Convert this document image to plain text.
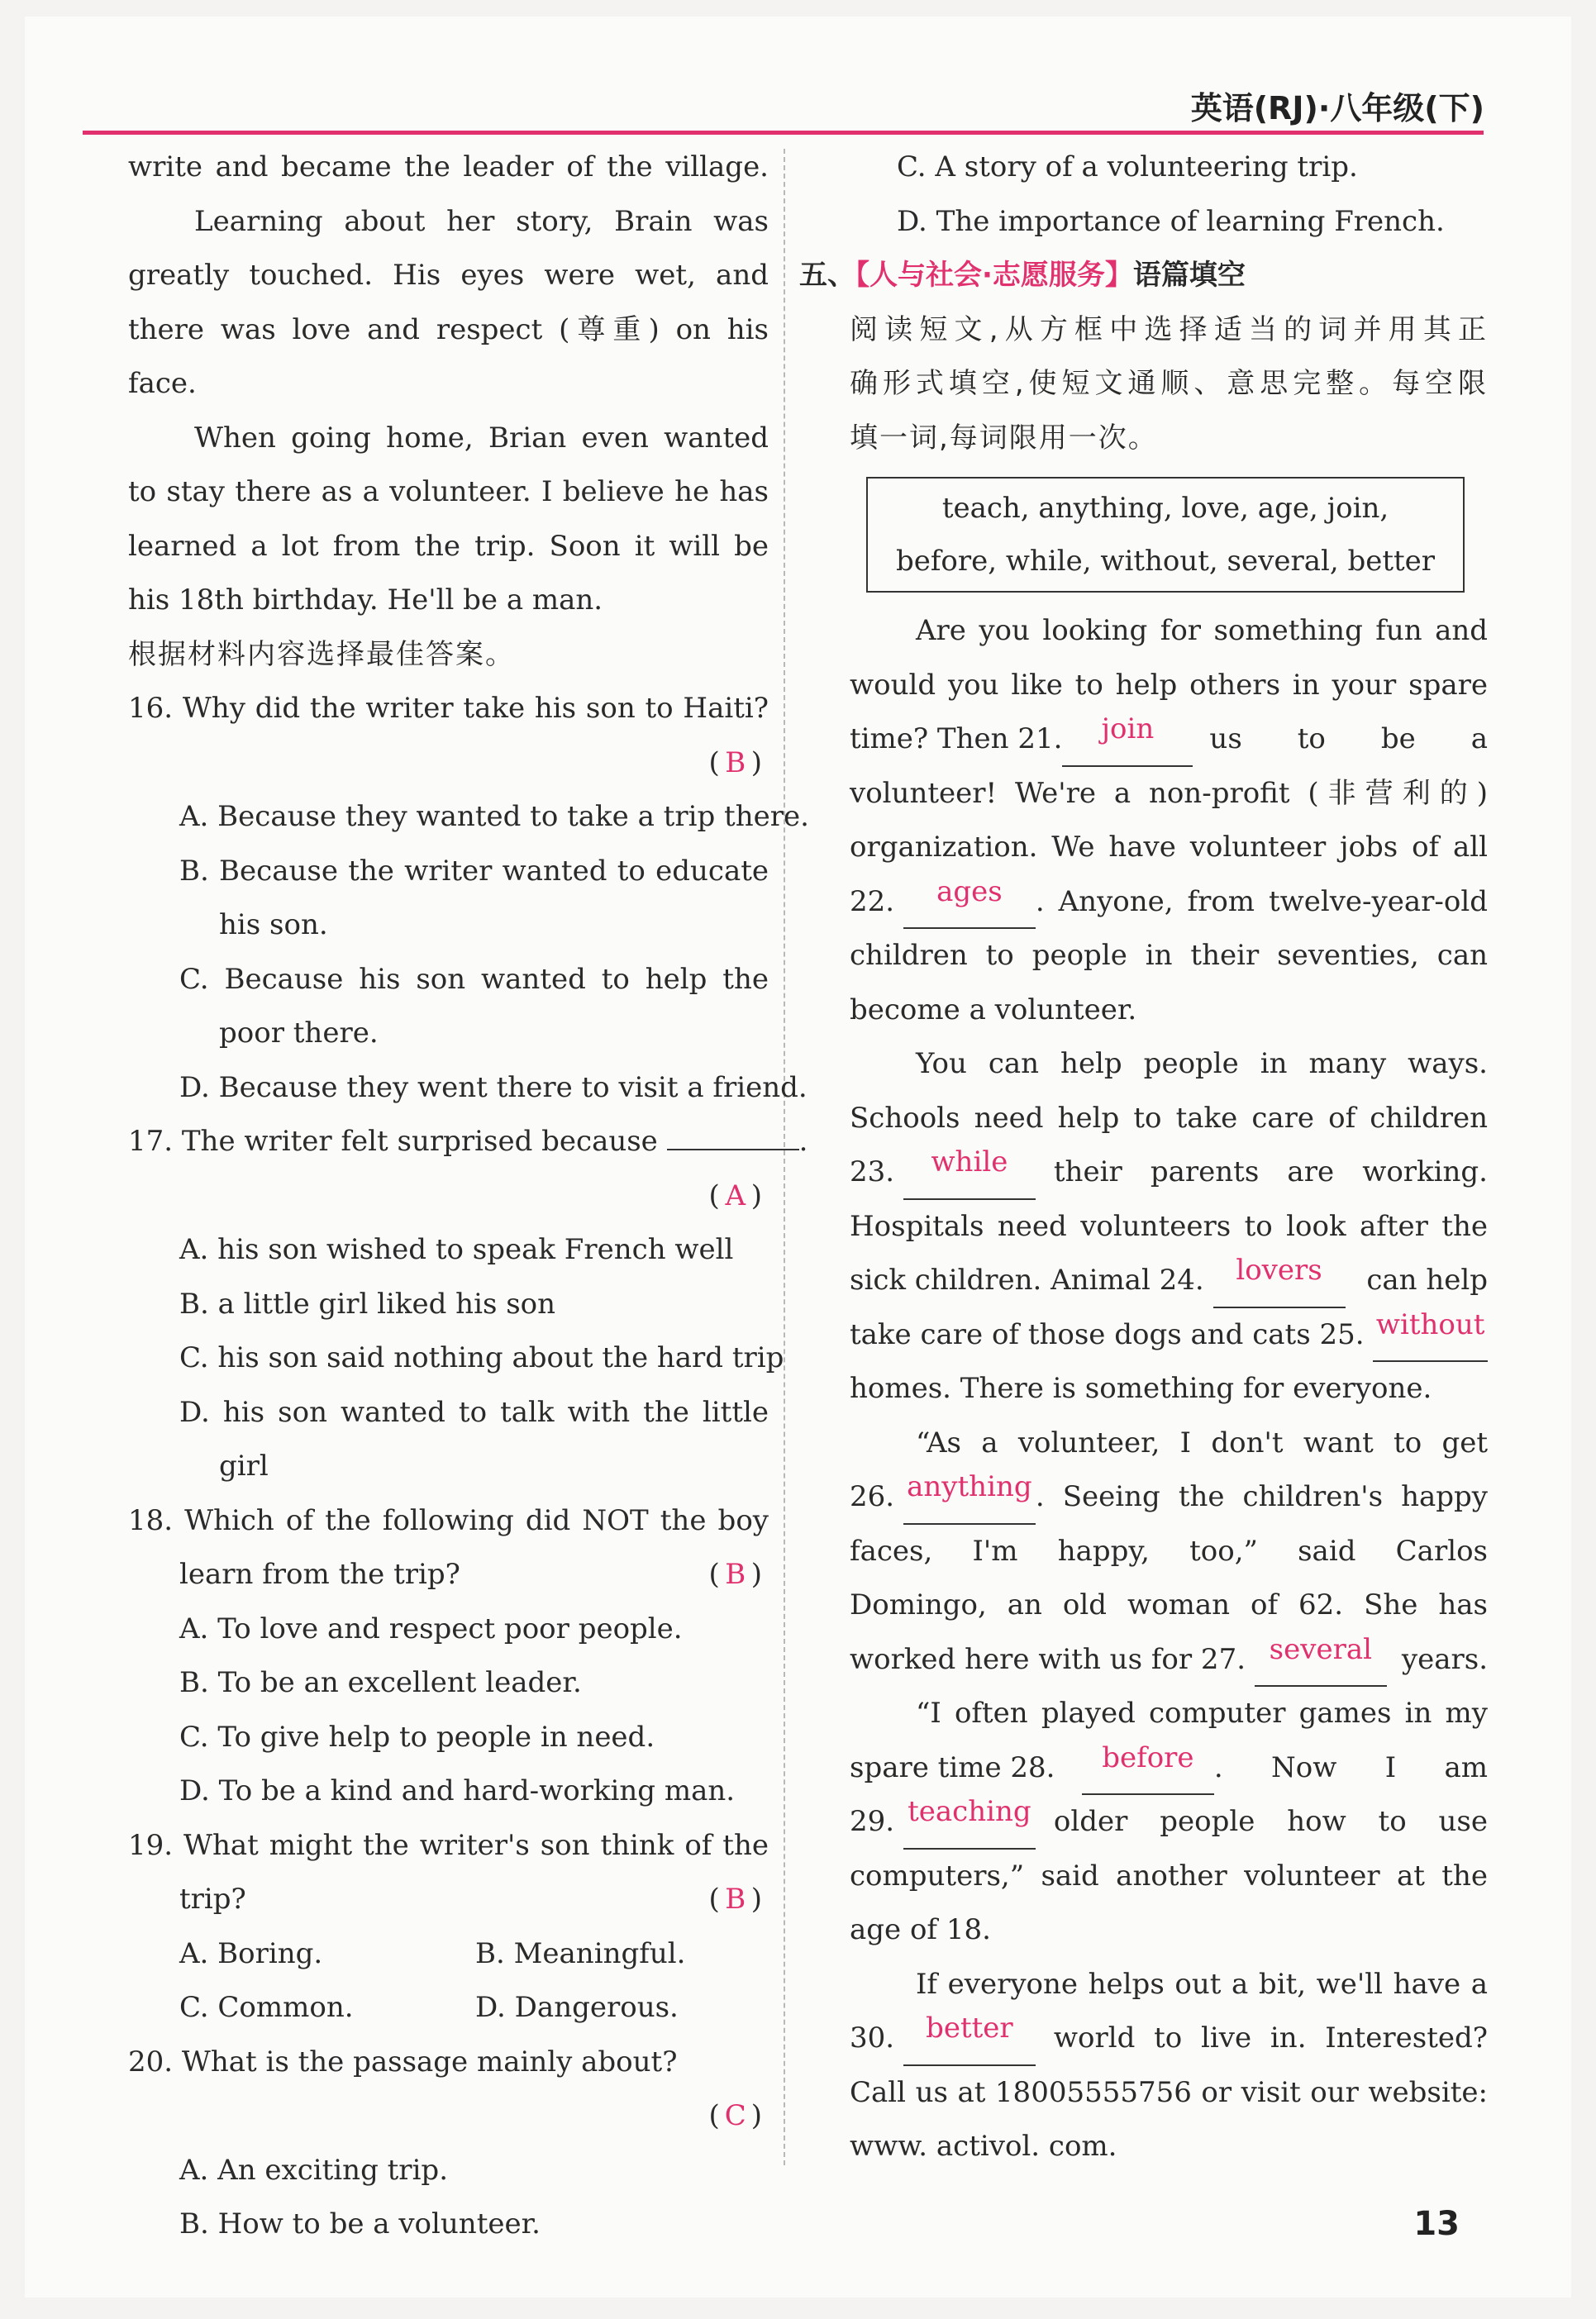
英语(RJ)·八年级(下)
write and became the leader of the village.
Learning about her story, Brain was
greatly touched. His eyes were wet, and
there was love and respect (尊重) on his face.
When going home, Brian even wanted
to stay there as a volunteer. I believe he has
learned a lot from the trip. Soon it will be
his 18th birthday. He'll be a man.
根据材料内容选择最佳答案。
16. Why did the writer take his son to Haiti?
( B )
A. Because they wanted to take a trip there.
B. Because the writer wanted to educate
his son.
C. Because his son wanted to help the
poor there.
D. Because they went there to visit a friend.
17. The writer felt surprised because	.
( A )
A. his son wished to speak French well
B. a little girl liked his son
C. his son said nothing about the hard trip
D. his son wanted to talk with the little
girl
18. Which of the following did NOT the boy
learn from the trip?	( B )
A. To love and respect poor people.
B. To be an excellent leader.
C. To give help to people in need.
D. To be a kind and hard-working man.
19. What might the writer's son think of the
trip?	( B )
A. Boring.	B. Meaningful.
C. Common.	D. Dangerous.
20. What is the passage mainly about?
( C )
A. An exciting trip.
B. How to be a volunteer.
C. A story of a volunteering trip.
D. The importance of learning French.
五、【人与社会·志愿服务】语篇填空
阅读短文,从方框中选择适当的词并用其正
确形式填空,使短文通顺、意思完整。每空限
填一词,每词限用一次。
teach, anything, love, age, join,
before, while, without, several, better
Are you looking for something fun and
would you like to help others in your spare
time? Then 21.	join	us to be a
volunteer! We're a non-profit (非营利的)
organization. We have volunteer jobs of all
22.
	ages	. Anyone, from twelve-year-old
children to people in their seventies, can
become a volunteer.
You can help people in many ways.
Schools need help to take care of children
23.
	while	their parents are working.
Hospitals need volunteers to look after the
sick children. Animal 24.
	lovers	can help
take care of those dogs and cats 25.
without
homes. There is something for everyone.
“As a volunteer, I don't want to get
26.
anything . Seeing the children's happy
faces, I'm happy, too,” said Carlos
Domingo, an old woman of 62. She has
worked here with us for 27.
several	years.
“I often played computer games in my
spare time 28.
	before . Now I am
29.
teaching older people how to use
computers,” said another volunteer at the
age of 18.
If everyone helps out a bit, we'll have a
30.
	better	world to live in. Interested?
Call us at 18005555756 or visit our website:
www. activol. com.
13
